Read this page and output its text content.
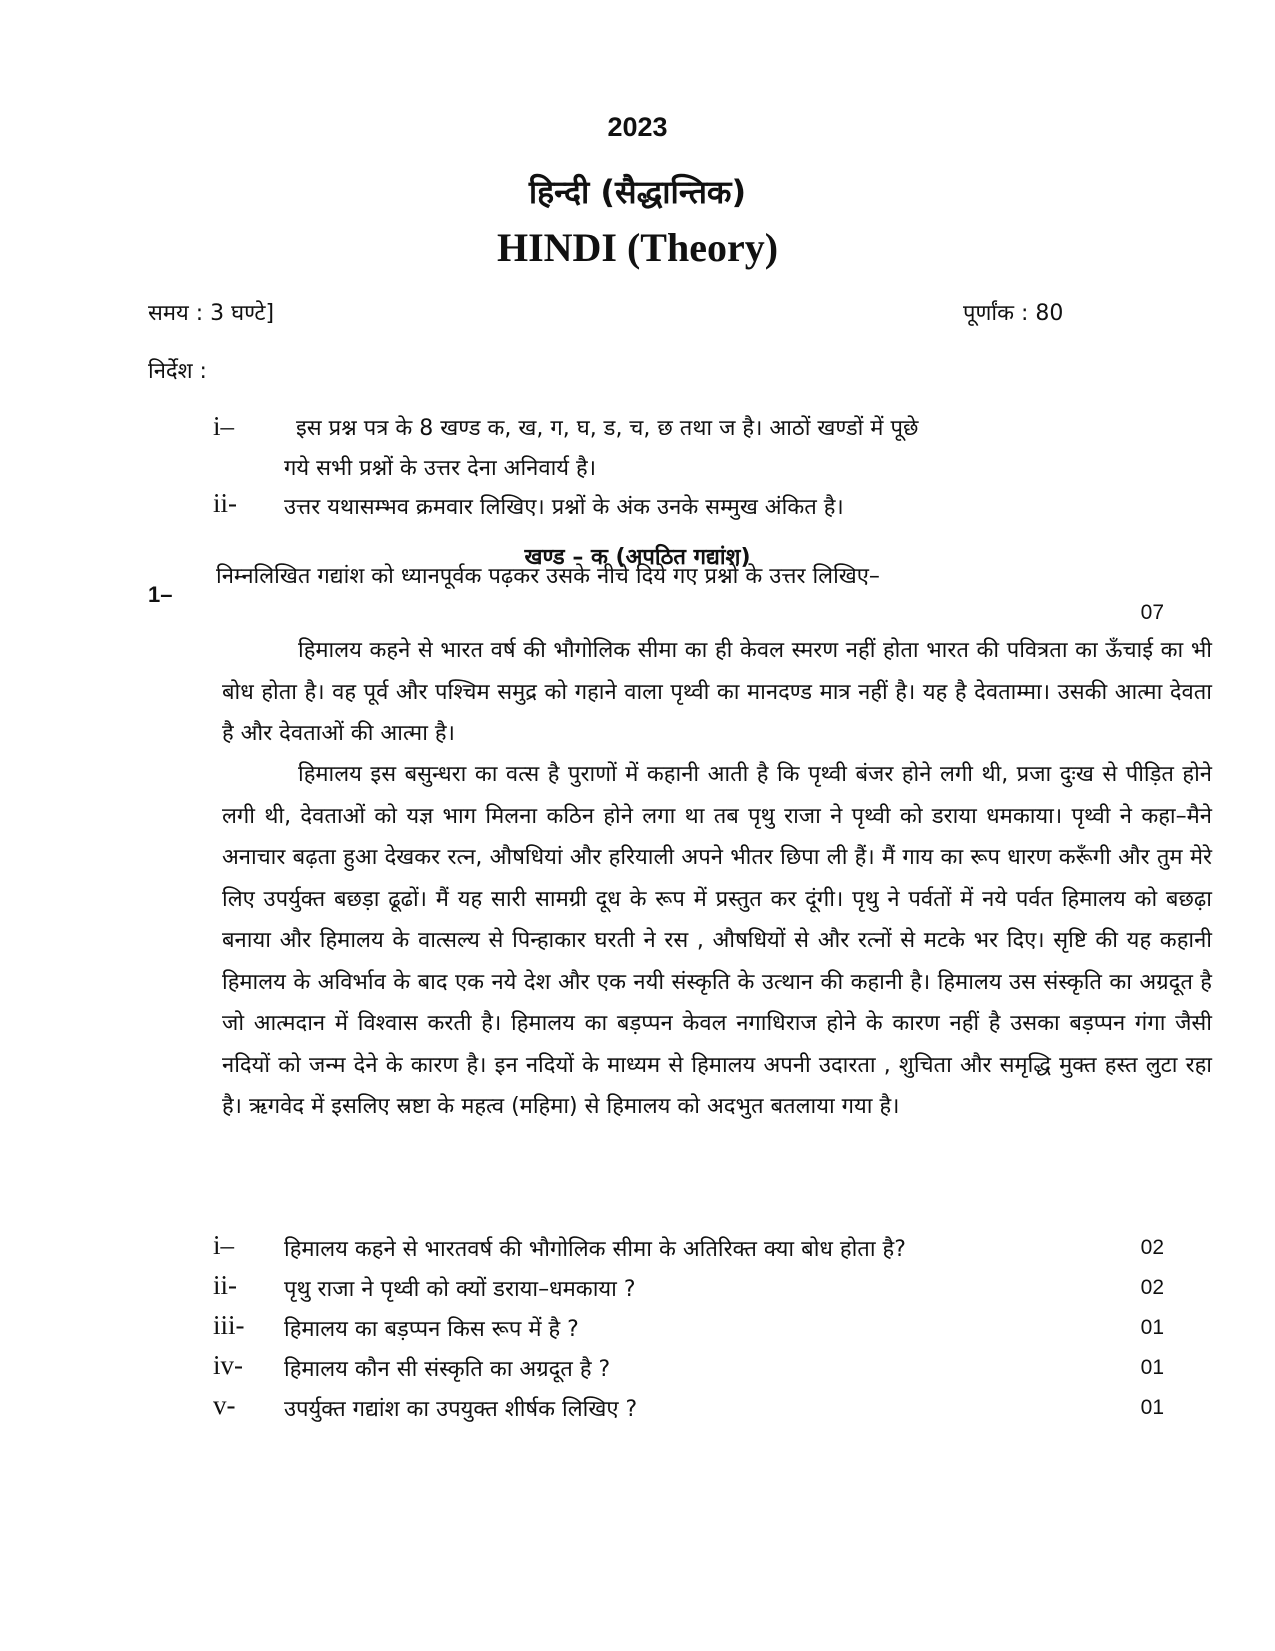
2023
हिन्दी (सैद्धान्तिक)
HINDI (Theory)
समय : 3 घण्टे]	पूर्णांक : 80
निर्देश :
i–	इस प्रश्न पत्र के 8 खण्ड क, ख, ग, घ, ड, च, छ तथा ज है। आठों खण्डों में पूछे
गये सभी प्रश्नों के उत्तर देना अनिवार्य है।
ii- उत्तर यथासम्भव क्रमवार लिखिए। प्रश्नों के अंक उनके सम्मुख अंकित है।
खण्ड – क (अपठित गद्यांश)
1–
निम्नलिखित गद्यांश को ध्यानपूर्वक पढ़कर उसके नीचे दिये गए प्रश्नों के उत्तर लिखिए–
07
हिमालय कहने से भारत वर्ष की भौगोलिक सीमा का ही केवल स्मरण नहीं होता भारत की पवित्रता का ऊँचाई का भी बोध होता है। वह पूर्व और पश्चिम समुद्र को गहाने वाला पृथ्वी का मानदण्ड मात्र नहीं है। यह है देवताम्मा। उसकी आत्मा देवता है और देवताओं की आत्मा है।
हिमालय इस बसुन्धरा का वत्स है पुराणों में कहानी आती है कि पृथ्वी बंजर होने लगी थी, प्रजा दुःख से पीड़ित होने लगी थी, देवताओं को यज्ञ भाग मिलना कठिन होने लगा था तब पृथु राजा ने पृथ्वी को डराया धमकाया। पृथ्वी ने कहा–मैने अनाचार बढ़ता हुआ देखकर रत्न, औषधियां और हरियाली अपने भीतर छिपा ली हैं। मैं गाय का रूप धारण करूँगी और तुम मेरे लिए उपर्युक्त बछड़ा ढूढों। मैं यह सारी सामग्री दूध के रूप में प्रस्तुत कर दूंगी। पृथु ने पर्वतों में नये पर्वत हिमालय को बछढ़ा बनाया और हिमालय के वात्सल्य से पिन्हाकार घरती ने रस , औषधियों से और रत्नों से मटके भर दिए। सृष्टि की यह कहानी हिमालय के अविर्भाव के बाद एक नये देश और एक नयी संस्कृति के उत्थान की कहानी है। हिमालय उस संस्कृति का अग्रदूत है जो आत्मदान में विश्वास करती है। हिमालय का बड़प्पन केवल नगाधिराज होने के कारण नहीं है उसका बड़प्पन गंगा जैसी नदियों को जन्म देने के कारण है। इन नदियों के माध्यम से हिमालय अपनी उदारता , शुचिता और समृद्धि मुक्त हस्त लुटा रहा है। ऋगवेद में इसलिए स्रष्टा के महत्व (महिमा) से हिमालय को अदभुत बतलाया गया है।
i– हिमालय कहने से भारतवर्ष की भौगोलिक सीमा के अतिरिक्त क्या बोध होता है?	02
ii- पृथु राजा ने पृथ्वी को क्यों डराया–धमकाया ?	02
iii- हिमालय का बड़प्पन किस रूप में है ?	01
iv- हिमालय कौन सी संस्कृति का अग्रदूत है ?	01
v- उपर्युक्त गद्यांश का उपयुक्त शीर्षक लिखिए ?	01
